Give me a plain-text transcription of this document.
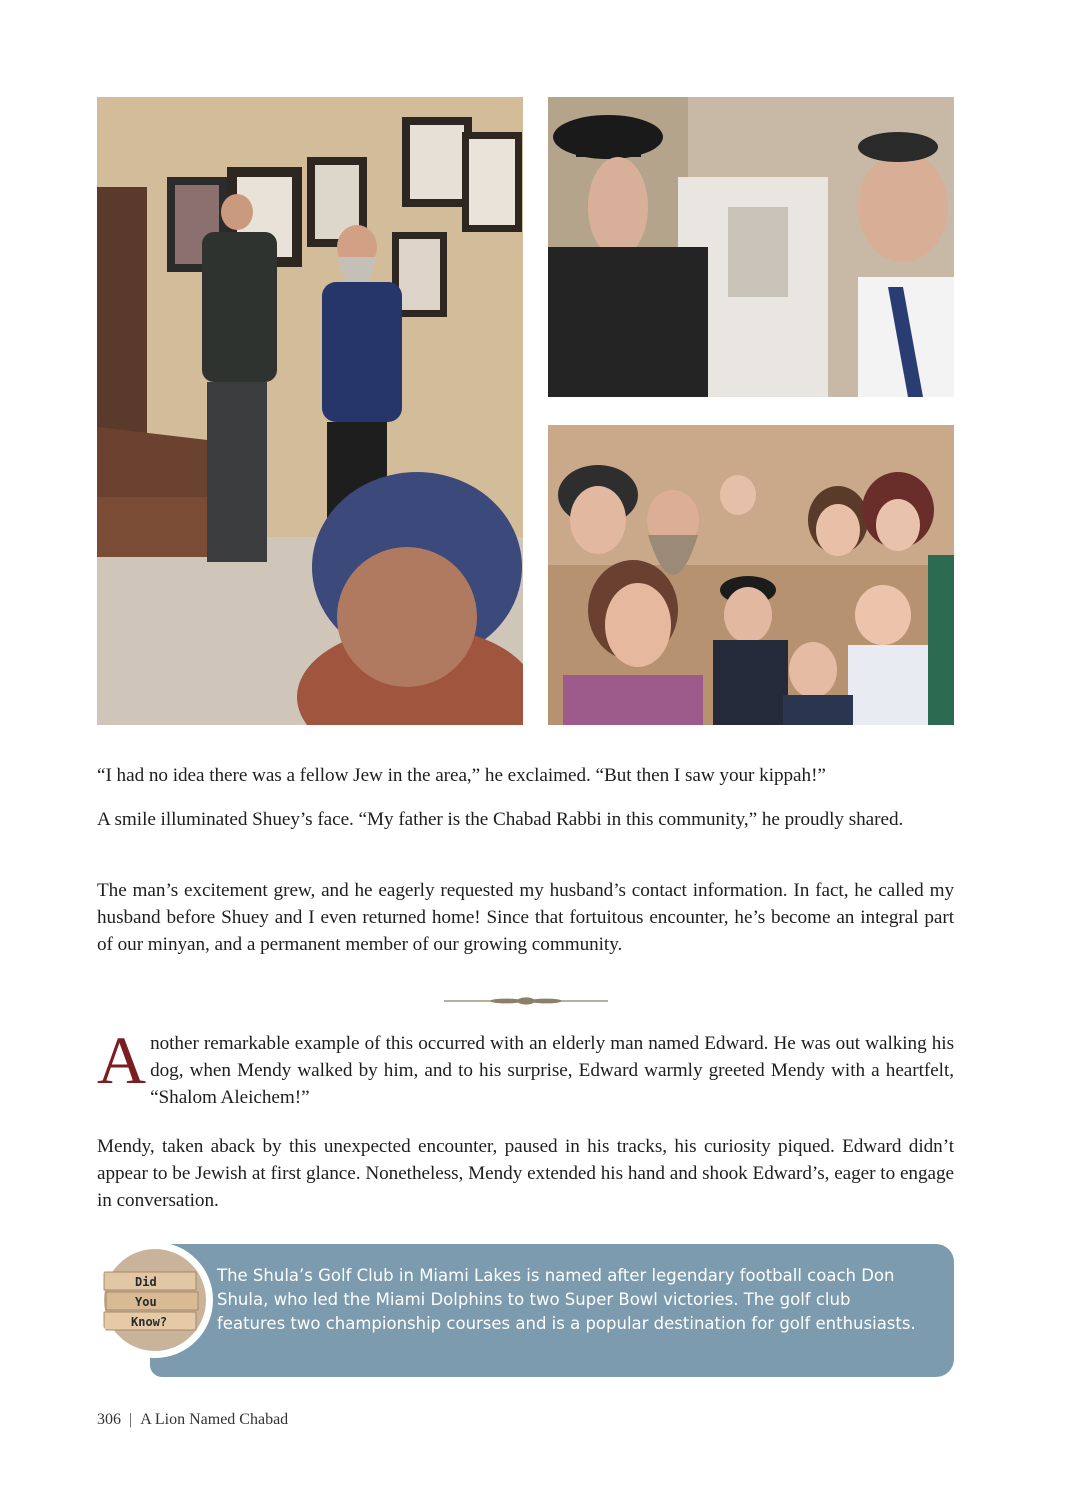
“I had no idea there was a fellow Jew in the area,” he exclaimed. “But then I saw your kippah!”

A smile illuminated Shuey’s face. “My father is the Chabad Rabbi in this community,” he proudly shared.

The man’s excitement grew, and he eagerly requested my husband’s contact information. In fact, he called my husband before Shuey and I even returned home! Since that fortuitous encounter, he’s become an integral part of our minyan, and a permanent member of our growing community.

Another remarkable example of this occurred with an elderly man named Edward. He was out walking his dog, when Mendy walked by him, and to his surprise, Edward warmly greeted Mendy with a heartfelt, “Shalom Aleichem!”

Mendy, taken aback by this unexpected encounter, paused in his tracks, his curiosity piqued. Edward didn’t appear to be Jewish at first glance. Nonetheless, Mendy extended his hand and shook Edward’s, eager to engage in conversation.

The Shula’s Golf Club in Miami Lakes is named after legendary football coach Don Shula, who led the Miami Dolphins to two Super Bowl victories. The golf club features two championship courses and is a popular destination for golf enthusiasts.

Did
You
Know?
306 | A Lion Named Chabad
